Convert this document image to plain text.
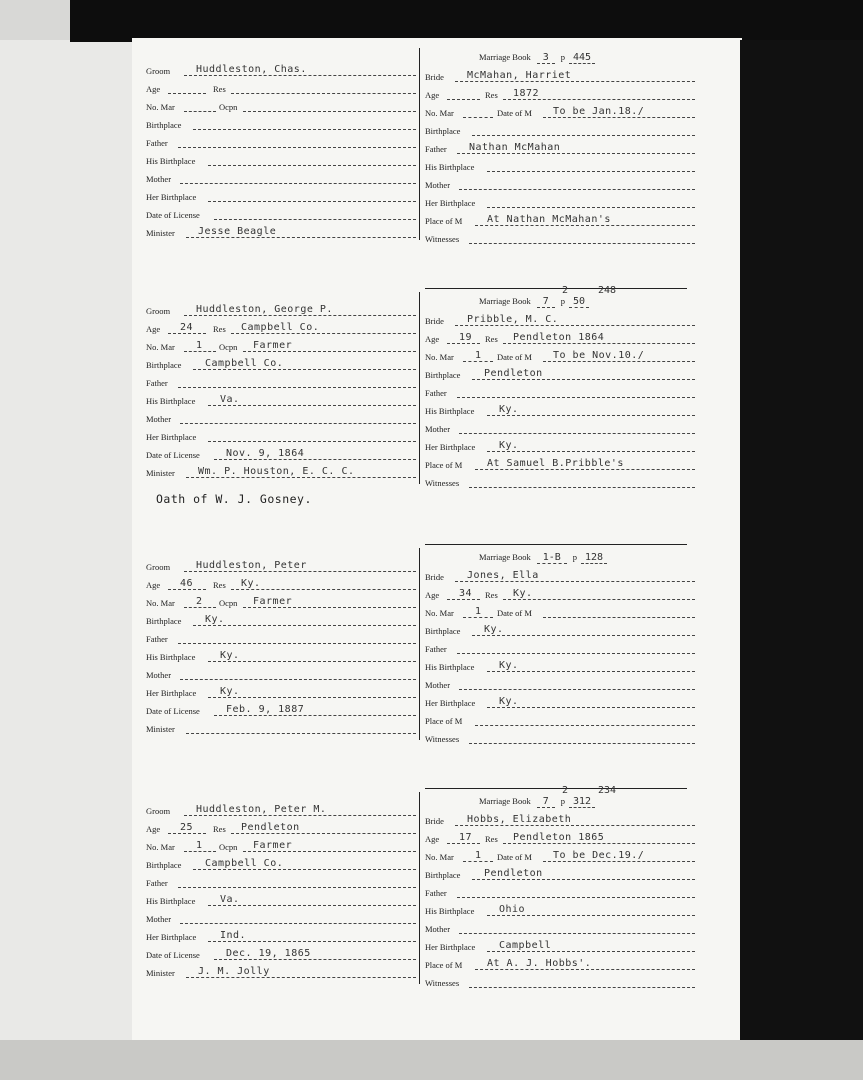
Groom	Huddleston, Chas.
Age	Res
No. Mar	Ocpn
Birthplace
Father
His Birthplace
Mother
Her Birthplace
Date of License
Minister Jesse Beagle
Marriage Book 3 p 445
Bride McMahan, Harriet
Age	Res 1872
No. Mar	Date of M To be Jan.18./
Birthplace
Father Nathan McMahan
His Birthplace
Mother
Her Birthplace
Place of M At Nathan McMahan's
Witnesses
Groom	Huddleston, George P.
Age 24 Res Campbell Co.
No. Mar 1 Ocpn Farmer
Birthplace Campbell Co.
Father
His Birthplace Va.
Mother
Her Birthplace
Date of License	Nov. 9, 1864
Minister Wm. P. Houston, E. C. C.
Marriage Book 7 p 50
2	248
Bride Pribble, M. C.
Age 19 Res Pendleton 1864
No. Mar 1 Date of M To be Nov.10./
Birthplace Pendleton
Father
His Birthplace Ky.
Mother
Her Birthplace Ky.
Place of M At Samuel B.Pribble's
Witnesses
Oath of W. J. Gosney.
Groom	Huddleston, Peter
Age 46 Res Ky.
No. Mar 2 Ocpn Farmer
Birthplace Ky.
Father
His Birthplace Ky.
Mother
Her Birthplace Ky.
Date of License	Feb. 9, 1887
Minister
Marriage Book 1-B p 128
Bride Jones, Ella
Age 34 Res Ky.
No. Mar 1 Date of M
Birthplace Ky.
Father
His Birthplace Ky.
Mother
Her Birthplace Ky.
Place of M
Witnesses
Groom	Huddleston, Peter M.
Age 25 Res Pendleton
No. Mar 1 Ocpn Farmer
Birthplace Campbell Co.
Father
His Birthplace Va.
Mother
Her Birthplace Ind.
Date of License	Dec. 19, 1865
Minister J. M. Jolly
Marriage Book 7 p 312
2	234
Bride Hobbs, Elizabeth
Age 17 Res Pendleton 1865
No. Mar 1 Date of M To be Dec.19./
Birthplace Pendleton
Father
His Birthplace Ohio
Mother
Her Birthplace Campbell
Place of M At A. J. Hobbs'.
Witnesses
